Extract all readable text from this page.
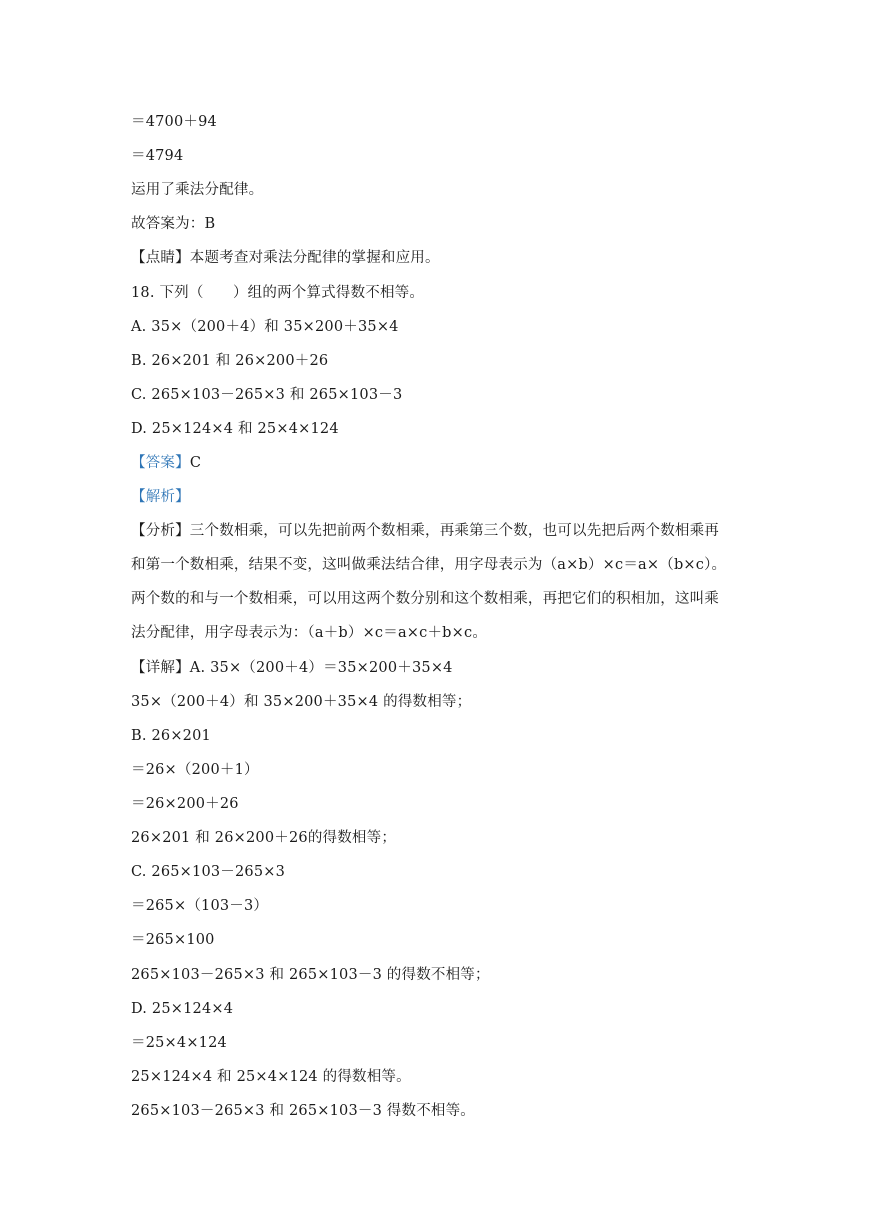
＝4700＋94
＝4794
运用了乘法分配律。
故答案为：B
【点睛】本题考查对乘法分配律的掌握和应用。
18. 下列（　　）组的两个算式得数不相等。
A. 35×（200＋4）和 35×200＋35×4
B. 26×201 和 26×200＋26
C. 265×103－265×3 和 265×103－3
D. 25×124×4 和 25×4×124
【答案】C
【解析】
【分析】三个数相乘，可以先把前两个数相乘，再乘第三个数，也可以先把后两个数相乘再
和第一个数相乘，结果不变，这叫做乘法结合律，用字母表示为（a×b）×c＝a×（b×c）。
两个数的和与一个数相乘，可以用这两个数分别和这个数相乘，再把它们的积相加，这叫乘
法分配律，用字母表示为：（a＋b）×c＝a×c＋b×c。
【详解】A. 35×（200＋4）＝35×200＋35×4
35×（200＋4）和 35×200＋35×4 的得数相等；
B. 26×201
＝26×（200＋1）
＝26×200＋26
26×201 和 26×200＋26的得数相等；
C. 265×103－265×3
＝265×（103－3）
＝265×100
265×103－265×3 和 265×103－3 的得数不相等；
D. 25×124×4
＝25×4×124
25×124×4 和 25×4×124 的得数相等。
265×103－265×3 和 265×103－3 得数不相等。
